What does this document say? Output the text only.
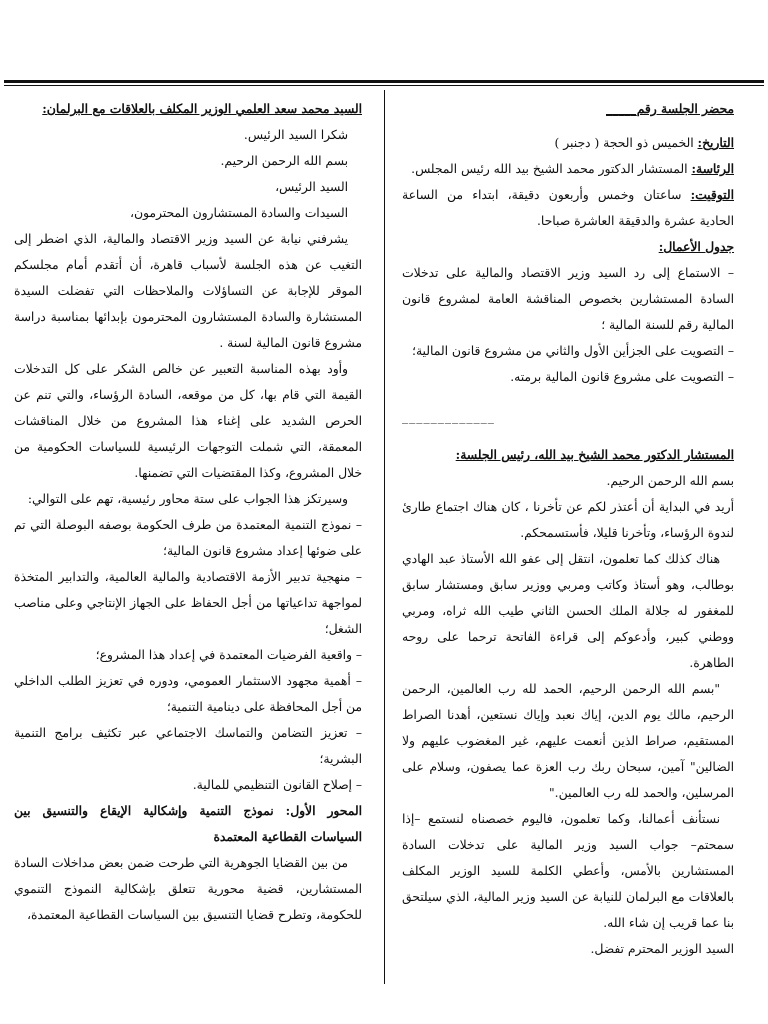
محضر الجلسة رقم_____

التاريخ: الخميس ذو الحجة ( دجنبر )

الرئاسة: المستشار الدكتور محمد الشيخ بيد الله رئيس المجلس.

التوقيت: ساعتان وخمس وأربعون دقيقة، ابتداء من الساعة الحادية عشرة والدقيقة العاشرة صباحا.

جدول الأعمال:

– الاستماع إلى رد السيد وزير الاقتصاد والمالية على تدخلات السادة المستشارين بخصوص المناقشة العامة لمشروع قانون المالية رقم للسنة المالية ؛

– التصويت على الجزأين الأول والثاني من مشروع قانون المالية؛

– التصويت على مشروع قانون المالية برمته.

_____________

المستشار الدكتور محمد الشيخ بيد الله، رئيس الجلسة:

بسم الله الرحمن الرحيم.

أريد في البداية أن أعتذر لكم عن تأخرنا ، كان هناك اجتماع طارئ لندوة الرؤساء، وتأخرنا قليلا، فأستسمحكم.

هناك كذلك كما تعلمون، انتقل إلى عفو الله الأستاذ عبد الهادي بوطالب، وهو أستاذ وكاتب ومربي ووزير سابق ومستشار سابق للمغفور له جلالة الملك الحسن الثاني طيب الله ثراه، ومربي ووطني كبير، وأدعوكم إلى قراءة الفاتحة ترحما على روحه الطاهرة.

"بسم الله الرحمن الرحيم، الحمد لله رب العالمين، الرحمن الرحيم، مالك يوم الدين، إياك نعبد وإياك نستعين، أهدنا الصراط المستقيم، صراط الذين أنعمت عليهم، غير المغضوب عليهم ولا الضالين" آمين، سبحان ربك رب العزة عما يصفون، وسلام على المرسلين، والحمد لله رب العالمين."

نستأنف أعمالنا، وكما تعلمون، فاليوم خصصناه لنستمع –إذا سمحتم– جواب السيد وزير المالية على تدخلات السادة المستشارين بالأمس، وأعطي الكلمة للسيد الوزير المكلف بالعلاقات مع البرلمان للنيابة عن السيد وزير المالية، الذي سيلتحق بنا عما قريب إن شاء الله.

السيد الوزير المحترم تفضل.

السيد محمد سعد العلمي الوزير المكلف بالعلاقات مع البرلمان:

شكرا السيد الرئيس.

بسم الله الرحمن الرحيم.

السيد الرئيس،

السيدات والسادة المستشارون المحترمون،

يشرفني نيابة عن السيد وزير الاقتصاد والمالية، الذي اضطر إلى التغيب عن هذه الجلسة لأسباب قاهرة، أن أتقدم أمام مجلسكم الموقر للإجابة عن التساؤلات والملاحظات التي تفضلت السيدة المستشارة والسادة المستشارون المحترمون بإبدائها بمناسبة دراسة مشروع قانون المالية لسنة .

وأود بهذه المناسبة التعبير عن خالص الشكر على كل التدخلات القيمة التي قام بها، كل من موقعه، السادة الرؤساء، والتي تنم عن الحرص الشديد على إغناء هذا المشروع من خلال المناقشات المعمقة، التي شملت التوجهات الرئيسية للسياسات الحكومية من خلال المشروع، وكذا المقتضيات التي تضمنها.

وسيرتكز هذا الجواب على ستة محاور رئيسية، تهم على التوالي:

– نموذج التنمية المعتمدة من طرف الحكومة بوصفه البوصلة التي تم على ضوئها إعداد مشروع قانون المالية؛

– منهجية تدبير الأزمة الاقتصادية والمالية العالمية، والتدابير المتخذة لمواجهة تداعياتها من أجل الحفاظ على الجهاز الإنتاجي وعلى مناصب الشغل؛

– واقعية الفرضيات المعتمدة في إعداد هذا المشروع؛

– أهمية مجهود الاستثمار العمومي، ودوره في تعزيز الطلب الداخلي من أجل المحافظة على دينامية التنمية؛

– تعزيز التضامن والتماسك الاجتماعي عبر تكثيف برامج التنمية البشرية؛

– إصلاح القانون التنظيمي للمالية.

المحور الأول: نموذج التنمية وإشكالية الإيقاع والتنسيق بين السياسات القطاعية المعتمدة

من بين القضايا الجوهرية التي طرحت ضمن بعض مداخلات السادة المستشارين، قضية محورية تتعلق بإشكالية النموذج التنموي للحكومة، وتطرح قضايا التنسيق بين السياسات القطاعية المعتمدة،
